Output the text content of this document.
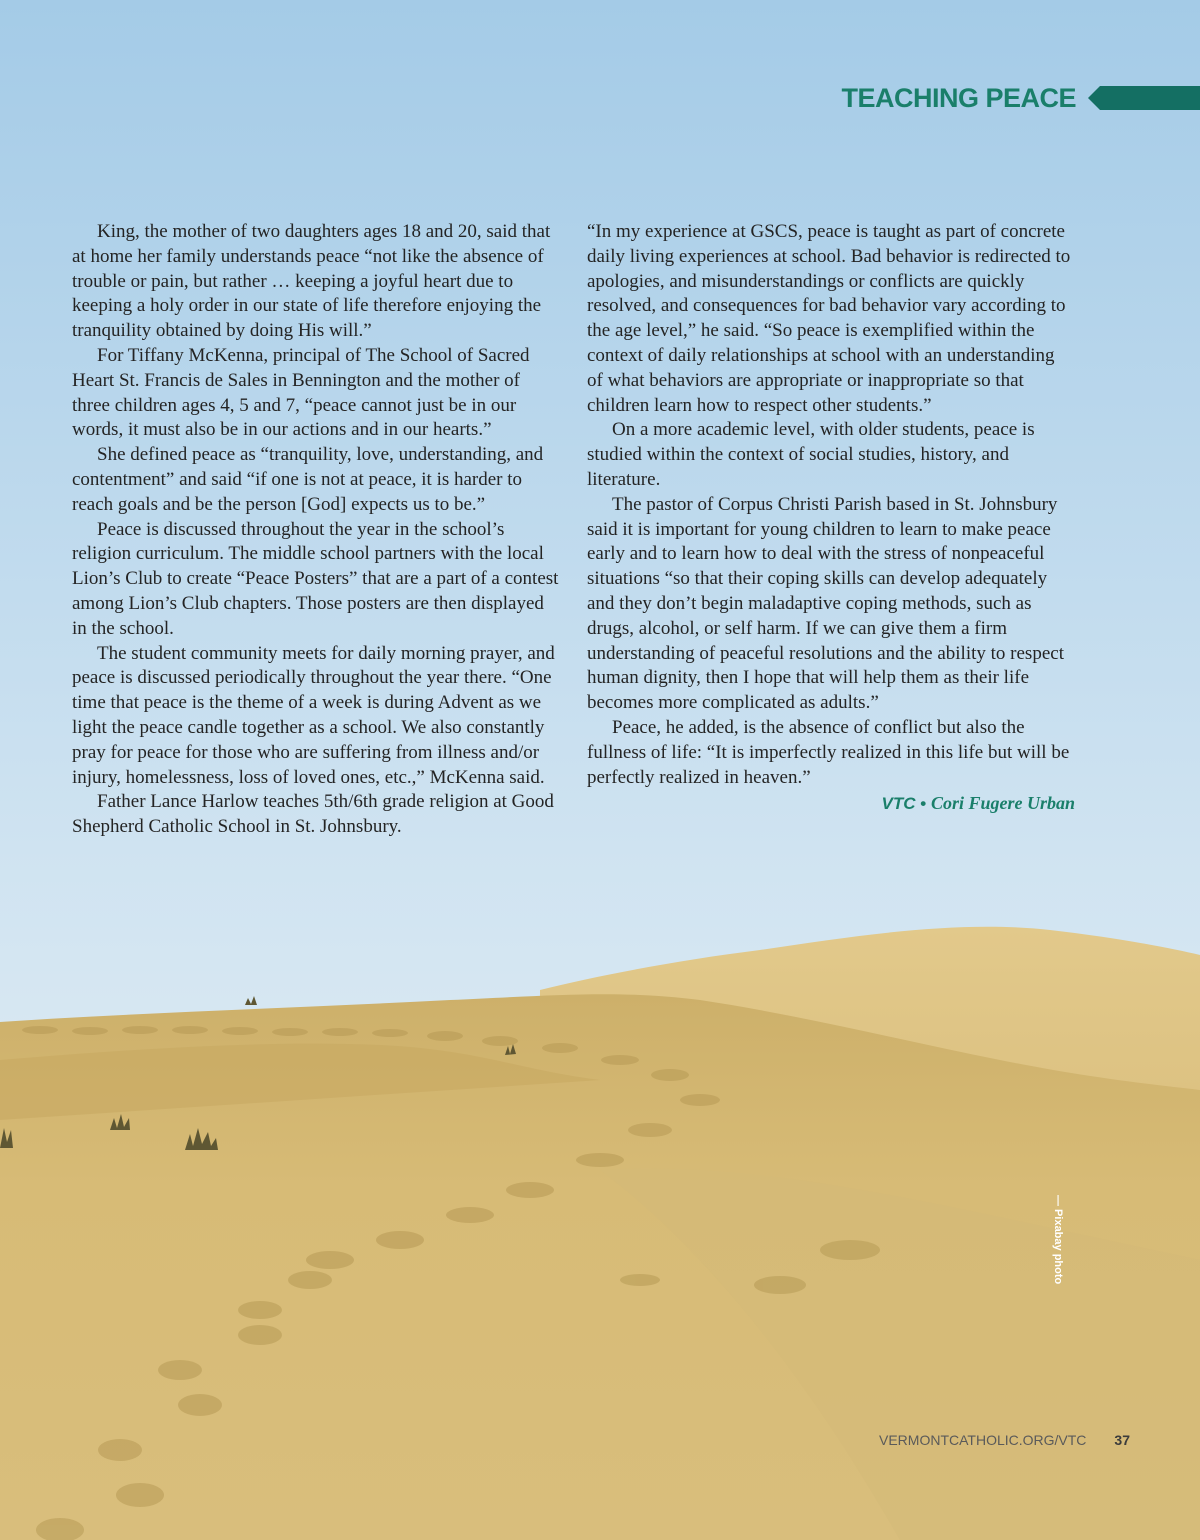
TEACHING PEACE

King, the mother of two daughters ages 18 and 20, said that at home her family understands peace “not like the absence of trouble or pain, but rather … keeping a joyful heart due to keeping a holy order in our state of life therefore enjoying the tranquility obtained by doing His will.”

For Tiffany McKenna, principal of The School of Sacred Heart St. Francis de Sales in Bennington and the mother of three children ages 4, 5 and 7, “peace cannot just be in our words, it must also be in our actions and in our hearts.”

She defined peace as “tranquility, love, understanding, and contentment” and said “if one is not at peace, it is harder to reach goals and be the person [God] expects us to be.”

Peace is discussed throughout the year in the school’s religion curriculum. The middle school partners with the local Lion’s Club to create “Peace Posters” that are a part of a contest among Lion’s Club chapters. Those posters are then displayed in the school.

The student community meets for daily morning prayer, and peace is discussed periodically throughout the year there. “One time that peace is the theme of a week is during Advent as we light the peace candle together as a school. We also constantly pray for peace for those who are suffering from illness and/or injury, homelessness, loss of loved ones, etc.,” McKenna said.

Father Lance Harlow teaches 5th/6th grade religion at Good Shepherd Catholic School in St. Johnsbury.

“In my experience at GSCS, peace is taught as part of concrete daily living experiences at school. Bad behavior is redirected to apologies, and misunderstandings or conflicts are quickly resolved, and consequences for bad behavior vary according to the age level,” he said. “So peace is exemplified within the context of daily relationships at school with an understanding of what behaviors are appropriate or inappropriate so that children learn how to respect other students.”

On a more academic level, with older students, peace is studied within the context of social studies, history, and literature.

The pastor of Corpus Christi Parish based in St. Johnsbury said it is important for young children to learn to make peace early and to learn how to deal with the stress of nonpeaceful situations “so that their coping skills can develop adequately and they don’t begin maladaptive coping methods, such as drugs, alcohol, or self harm. If we can give them a firm understanding of peaceful resolutions and the ability to respect human dignity, then I hope that will help them as their life becomes more complicated as adults.”

Peace, he added, is the absence of conflict but also the fullness of life: “It is imperfectly realized in this life but will be perfectly realized in heaven.”

VTC • Cori Fugere Urban
— Pixabay photo
VERMONTCATHOLIC.ORG/VTC 37
